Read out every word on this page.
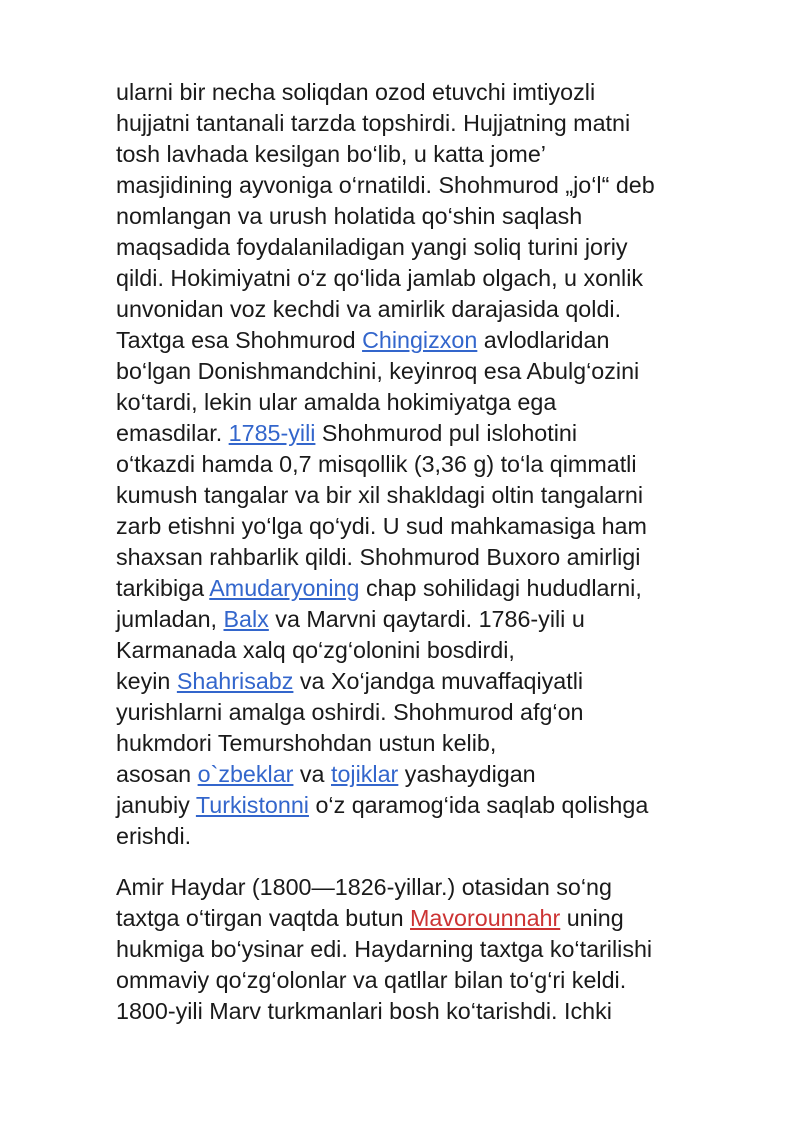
ularni bir necha soliqdan ozod etuvchi imtiyozli
hujjatni tantanali tarzda topshirdi. Hujjatning matni
tosh lavhada kesilgan bo‘lib, u katta jome’
masjidining ayvoniga o‘rnatildi. Shohmurod „jo‘l“ deb
nomlangan va urush holatida qo‘shin saqlash
maqsadida foydalaniladigan yangi soliq turini joriy
qildi. Hokimiyatni o‘z qo‘lida jamlab olgach, u xonlik
unvonidan voz kechdi va amirlik darajasida qoldi.
Taxtga esa Shohmurod Chingizxon avlodlaridan
bo‘lgan Donishmandchini, keyinroq esa Abulg‘ozini
ko‘tardi, lekin ular amalda hokimiyatga ega
emasdilar. 1785-yili Shohmurod pul islohotini
o‘tkazdi hamda 0,7 misqollik (3,36 g) to‘la qimmatli
kumush tangalar va bir xil shakldagi oltin tangalarni
zarb etishni yo‘lga qo‘ydi. U sud mahkamasiga ham
shaxsan rahbarlik qildi. Shohmurod Buxoro amirligi
tarkibiga Amudaryoning chap sohilidagi hududlarni,
jumladan, Balx va Marvni qaytardi. 1786-yili u
Karmanada xalq qo‘zg‘olonini bosdirdi,
keyin Shahrisabz va Xo‘jandga muvaffaqiyatli
yurishlarni amalga oshirdi. Shohmurod afg‘on
hukmdori Temurshohdan ustun kelib,
asosan o`zbeklar va tojiklar yashaydigan
janubiy Turkistonni o‘z qaramog‘ida saqlab qolishga
erishdi.

Amir Haydar (1800—1826-yillar.) otasidan so‘ng
taxtga o‘tirgan vaqtda butun Mavorounnahr uning
hukmiga bo‘ysinar edi. Haydarning taxtga ko‘tarilishi
ommaviy qo‘zg‘olonlar va qatllar bilan to‘g‘ri keldi.
1800-yili Marv turkmanlari bosh ko‘tarishdi. Ichki
